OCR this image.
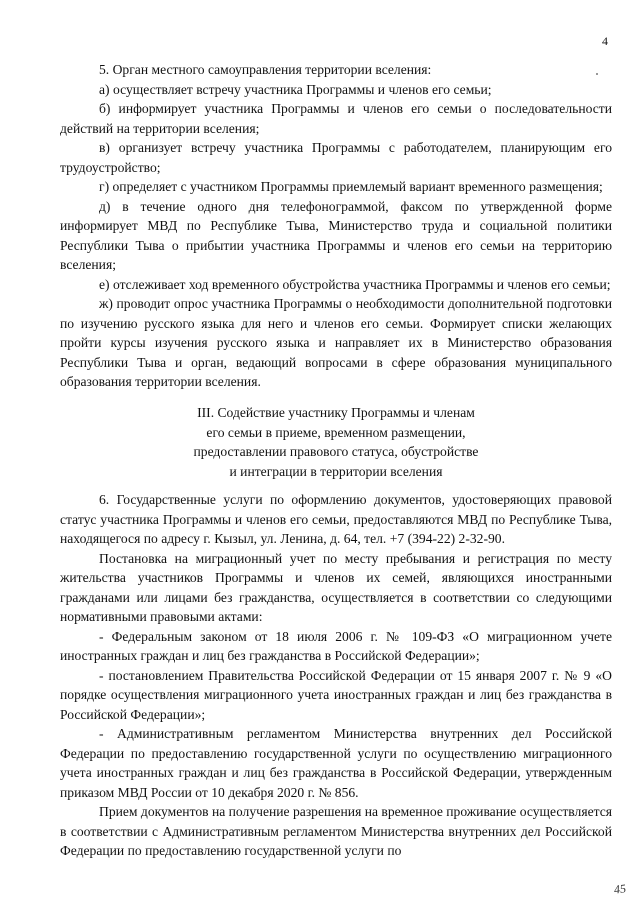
4

5. Орган местного самоуправления территории вселения:

а) осуществляет встречу участника Программы и членов его семьи;

б) информирует участника Программы и членов его семьи о последовательности действий на территории вселения;

в) организует встречу участника Программы с работодателем, планирующим его трудоустройство;

г) определяет с участником Программы приемлемый вариант временного размещения;

д) в течение одного дня телефонограммой, факсом по утвержденной форме информирует МВД по Республике Тыва, Министерство труда и социальной политики Республики Тыва о прибытии участника Программы и членов его семьи на территорию вселения;

е) отслеживает ход временного обустройства участника Программы и членов его семьи;

ж) проводит опрос участника Программы о необходимости дополнительной подготовки по изучению русского языка для него и членов его семьи. Формирует списки желающих пройти курсы изучения русского языка и направляет их в Министерство образования Республики Тыва и орган, ведающий вопросами в сфере образования муниципального образования территории вселения.

III. Содействие участнику Программы и членам
его семьи в приеме, временном размещении,
предоставлении правового статуса, обустройстве
и интеграции в территории вселения

6. Государственные услуги по оформлению документов, удостоверяющих правовой статус участника Программы и членов его семьи, предоставляются МВД по Республике Тыва, находящегося по адресу г. Кызыл, ул. Ленина, д. 64, тел. +7 (394-22) 2-32-90.

Постановка на миграционный учет по месту пребывания и регистрация по месту жительства участников Программы и членов их семей, являющихся иностранными гражданами или лицами без гражданства, осуществляется в соответствии со следующими нормативными правовыми актами:

- Федеральным законом от 18 июля 2006 г. № 109-ФЗ «О миграционном учете иностранных граждан и лиц без гражданства в Российской Федерации»;

- постановлением Правительства Российской Федерации от 15 января 2007 г. № 9 «О порядке осуществления миграционного учета иностранных граждан и лиц без гражданства в Российской Федерации»;

- Административным регламентом Министерства внутренних дел Российской Федерации по предоставлению государственной услуги по осуществлению миграционного учета иностранных граждан и лиц без гражданства в Российской Федерации, утвержденным приказом МВД России от 10 декабря 2020 г. № 856.

Прием документов на получение разрешения на временное проживание осуществляется в соответствии с Административным регламентом Министерства внутренних дел Российской Федерации по предоставлению государственной услуги по

45
